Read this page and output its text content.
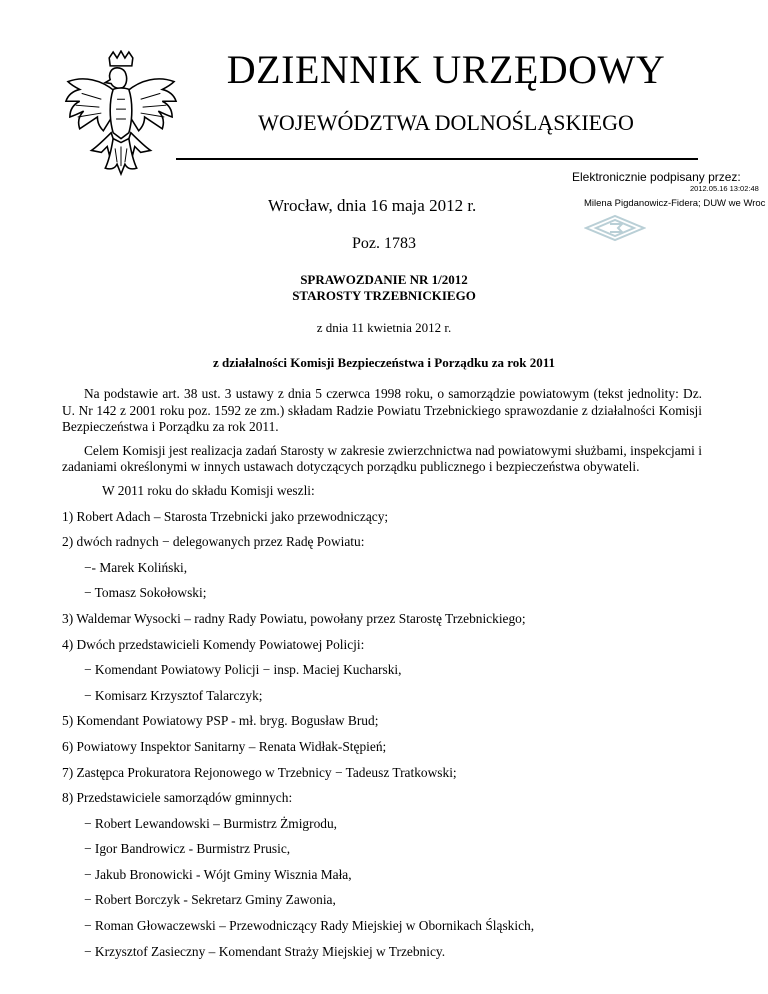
DZIENNIK URZĘDOWY
WOJEWÓDZTWA DOLNOŚLĄSKIEGO
Elektronicznie podpisany przez:
2012.05.16 13:02:48
Milena Pigdanowicz-Fidera; DUW we Wroc
Wrocław, dnia 16 maja 2012 r.
Poz. 1783
SPRAWOZDANIE NR 1/2012
STAROSTY TRZEBNICKIEGO
z dnia 11 kwietnia 2012 r.
z działalności Komisji Bezpieczeństwa i Porządku za rok 2011

Na podstawie art. 38 ust. 3 ustawy z dnia 5 czerwca 1998 roku, o samorządzie powiatowym (tekst jednolity: Dz. U. Nr 142 z 2001 roku poz. 1592 ze zm.) składam Radzie Powiatu Trzebnickiego sprawozdanie z działalności Komisji Bezpieczeństwa i Porządku za rok 2011.

Celem Komisji jest realizacja zadań Starosty w zakresie zwierzchnictwa nad powiatowymi służbami, inspekcjami i zadaniami określonymi w innych ustawach dotyczących porządku publicznego i bezpieczeństwa obywateli.

W 2011 roku do składu Komisji weszli:

1) Robert Adach – Starosta Trzebnicki jako przewodniczący;
2) dwóch radnych − delegowanych przez Radę Powiatu:
−- Marek Koliński,
− Tomasz Sokołowski;
3) Waldemar Wysocki – radny Rady Powiatu, powołany przez Starostę Trzebnickiego;
4) Dwóch przedstawicieli Komendy Powiatowej Policji:
− Komendant Powiatowy Policji − insp. Maciej Kucharski,
− Komisarz Krzysztof Talarczyk;
5) Komendant Powiatowy PSP - mł. bryg. Bogusław Brud;
6) Powiatowy Inspektor Sanitarny – Renata Widłak-Stępień;
7) Zastępca Prokuratora Rejonowego w Trzebnicy − Tadeusz Tratkowski;
8) Przedstawiciele samorządów gminnych:
− Robert Lewandowski – Burmistrz Żmigrodu,
− Igor Bandrowicz - Burmistrz Prusic,
− Jakub Bronowicki - Wójt Gminy Wisznia Mała,
− Robert Borczyk - Sekretarz Gminy Zawonia,
− Roman Głowaczewski – Przewodniczący Rady Miejskiej w Obornikach Śląskich,
− Krzysztof Zasieczny – Komendant Straży Miejskiej w Trzebnicy.
